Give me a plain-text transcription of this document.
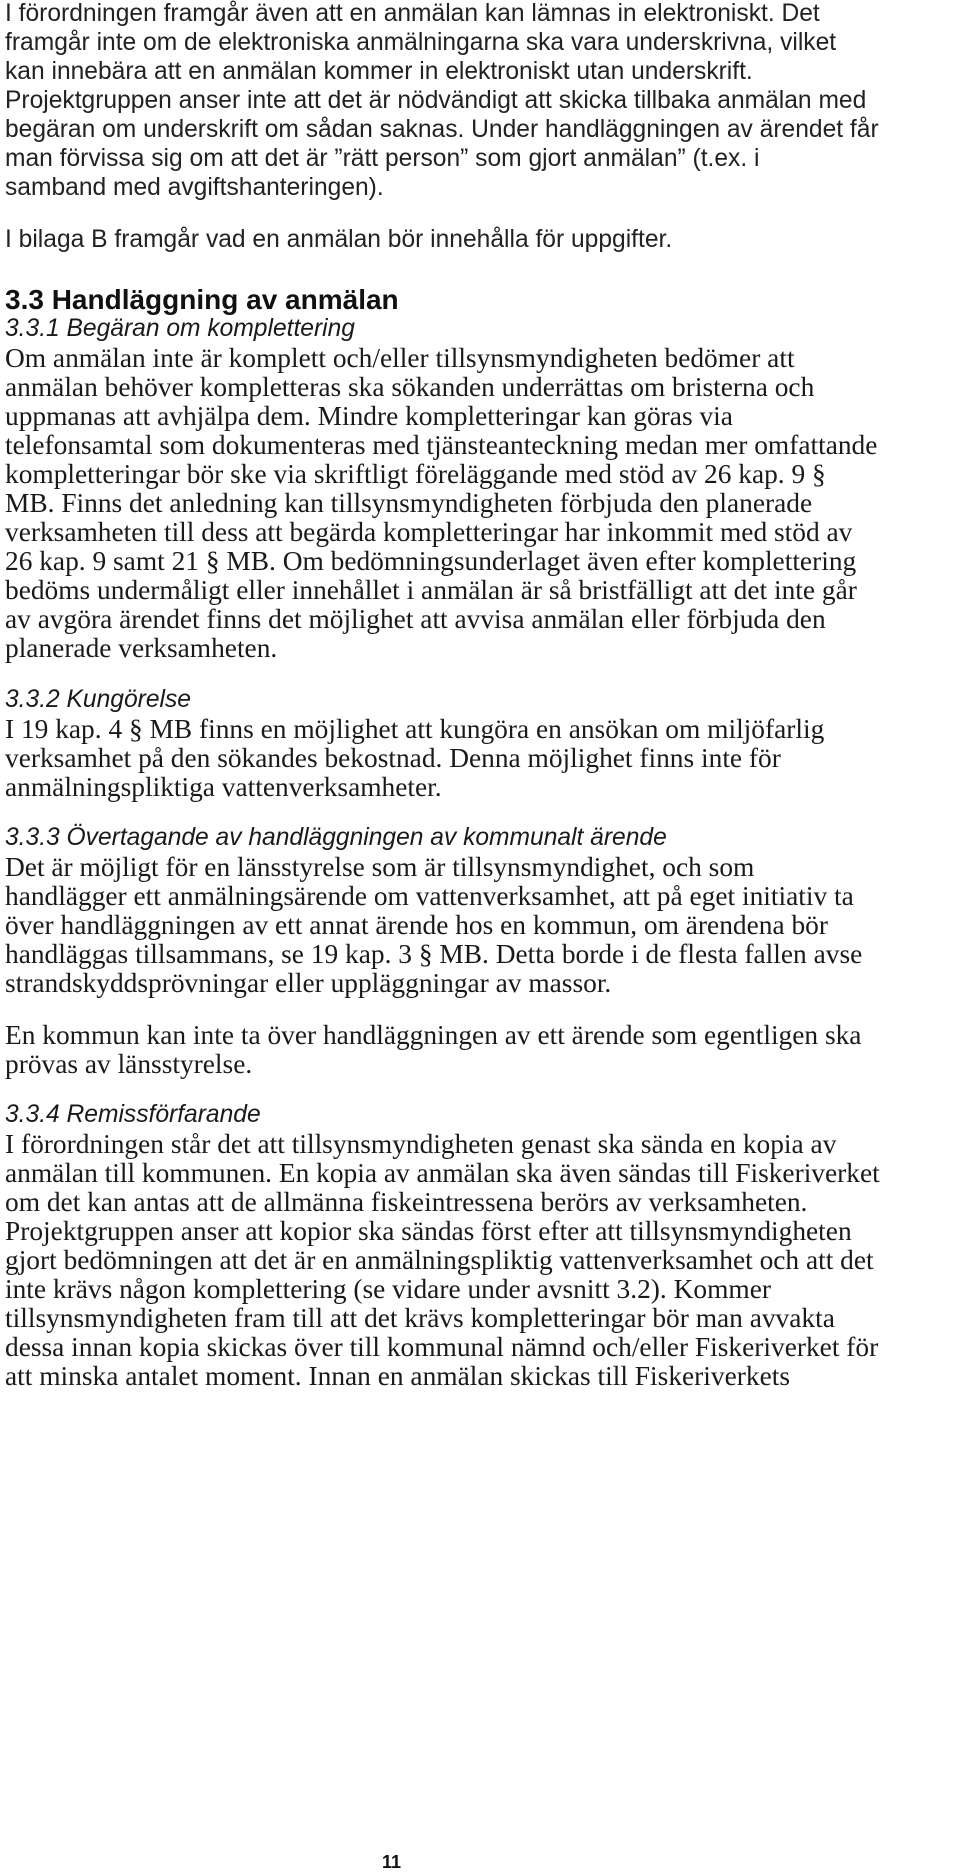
I förordningen framgår även att en anmälan kan lämnas in elektroniskt. Det
framgår inte om de elektroniska anmälningarna ska vara underskrivna, vilket
kan innebära att en anmälan kommer in elektroniskt utan underskrift.
Projektgruppen anser inte att det är nödvändigt att skicka tillbaka anmälan med
begäran om underskrift om sådan saknas. Under handläggningen av ärendet får
man förvissa sig om att det är ”rätt person” som gjort anmälan” (t.ex. i
samband med avgiftshanteringen).
I bilaga B framgår vad en anmälan bör innehålla för uppgifter.
3.3 Handläggning av anmälan
3.3.1 Begäran om komplettering
Om anmälan inte är komplett och/eller tillsynsmyndigheten bedömer att
anmälan behöver kompletteras ska sökanden underrättas om bristerna och
uppmanas att avhjälpa dem. Mindre kompletteringar kan göras via
telefonsamtal som dokumenteras med tjänsteanteckning medan mer omfattande
kompletteringar bör ske via skriftligt föreläggande med stöd av 26 kap. 9 §
MB. Finns det anledning kan tillsynsmyndigheten förbjuda den planerade
verksamheten till dess att begärda kompletteringar har inkommit med stöd av
26 kap. 9 samt 21 § MB. Om bedömningsunderlaget även efter komplettering
bedöms undermåligt eller innehållet i anmälan är så bristfälligt att det inte går
av avgöra ärendet finns det möjlighet att avvisa anmälan eller förbjuda den
planerade verksamheten.
3.3.2 Kungörelse
I 19 kap. 4 § MB finns en möjlighet att kungöra en ansökan om miljöfarlig
verksamhet på den sökandes bekostnad. Denna möjlighet finns inte för
anmälningspliktiga vattenverksamheter.
3.3.3 Övertagande av handläggningen av kommunalt ärende
Det är möjligt för en länsstyrelse som är tillsynsmyndighet, och som
handlägger ett anmälningsärende om vattenverksamhet, att på eget initiativ ta
över handläggningen av ett annat ärende hos en kommun, om ärendena bör
handläggas tillsammans, se 19 kap. 3 § MB. Detta borde i de flesta fallen avse
strandskyddsprövningar eller uppläggningar av massor.
En kommun kan inte ta över handläggningen av ett ärende som egentligen ska
prövas av länsstyrelse.
3.3.4 Remissförfarande
I förordningen står det att tillsynsmyndigheten genast ska sända en kopia av
anmälan till kommunen. En kopia av anmälan ska även sändas till Fiskeriverket
om det kan antas att de allmänna fiskeintressena berörs av verksamheten.
Projektgruppen anser att kopior ska sändas först efter att tillsynsmyndigheten
gjort bedömningen att det är en anmälningspliktig vattenverksamhet och att det
inte krävs någon komplettering (se vidare under avsnitt 3.2). Kommer
tillsynsmyndigheten fram till att det krävs kompletteringar bör man avvakta
dessa innan kopia skickas över till kommunal nämnd och/eller Fiskeriverket för
att minska antalet moment. Innan en anmälan skickas till Fiskeriverkets
11
